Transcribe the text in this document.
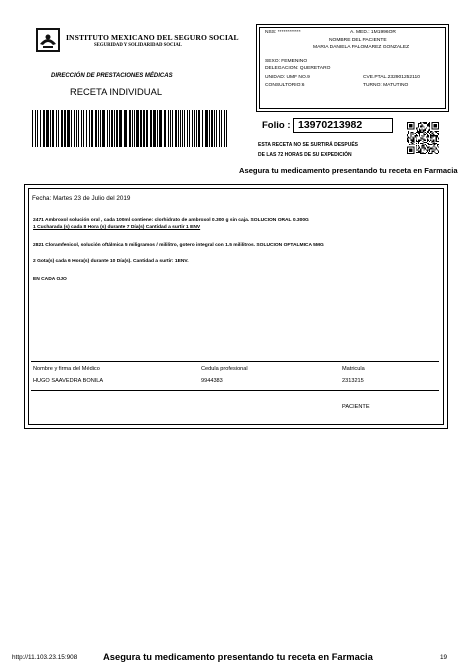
INSTITUTO MEXICANO DEL SEGURO SOCIAL
SEGURIDAD Y SOLIDARIDAD SOCIAL
DIRECCIÓN DE PRESTACIONES MÉDICAS
RECETA INDIVIDUAL
NSS: ************	A. MED.: 1M1996OR
NOMBRE DEL PACIENTE
MARIA DANIELA PALOMAREZ GONZALEZ
SEXO: FEMENINO
DELEGACION: QUERETARO
UNIDAD: UMF NO.9	CVE.PTAL.232901252110
CONSULTORIO:6	TURNO: MATUTINO
Folio : 13970213982
ESTA RECETA NO SE SURTIRÁ DESPUÉS
DE LAS 72 HORAS DE SU EXPEDICIÓN
Asegura tu medicamento presentando tu receta en Farmacia
Fecha: Martes 23 de Julio del 2019
2471 Ambroxol solución oral , cada 100ml contiene: clorhidrato de ambroxol 0.300 g sin caja. SOLUCION ORAL 0.300G
1 Cucharada (s) cada 8 Hora (s) durante 7 Día(s) Cantidad a surtir 1 ENV
2821 Cloramfenicol, solución oftálmica 5 miligramos / mililitro, gotero integral con 1.5 mililitros. SOLUCION OFTALMICA 5MG
2 Gota(s) cada 6 Hora(s) durante 10 Día(s). Cantidad a surtir: 1ENV.
EN CADA OJO
Nombre y firma del Médico	Cedula profesional	Matricula
HUGO SAAVEDRA BONILA	9944383	2313215
PACIENTE
http://11.103.23.15:908	Asegura tu medicamento presentando tu receta en Farmacia	19
